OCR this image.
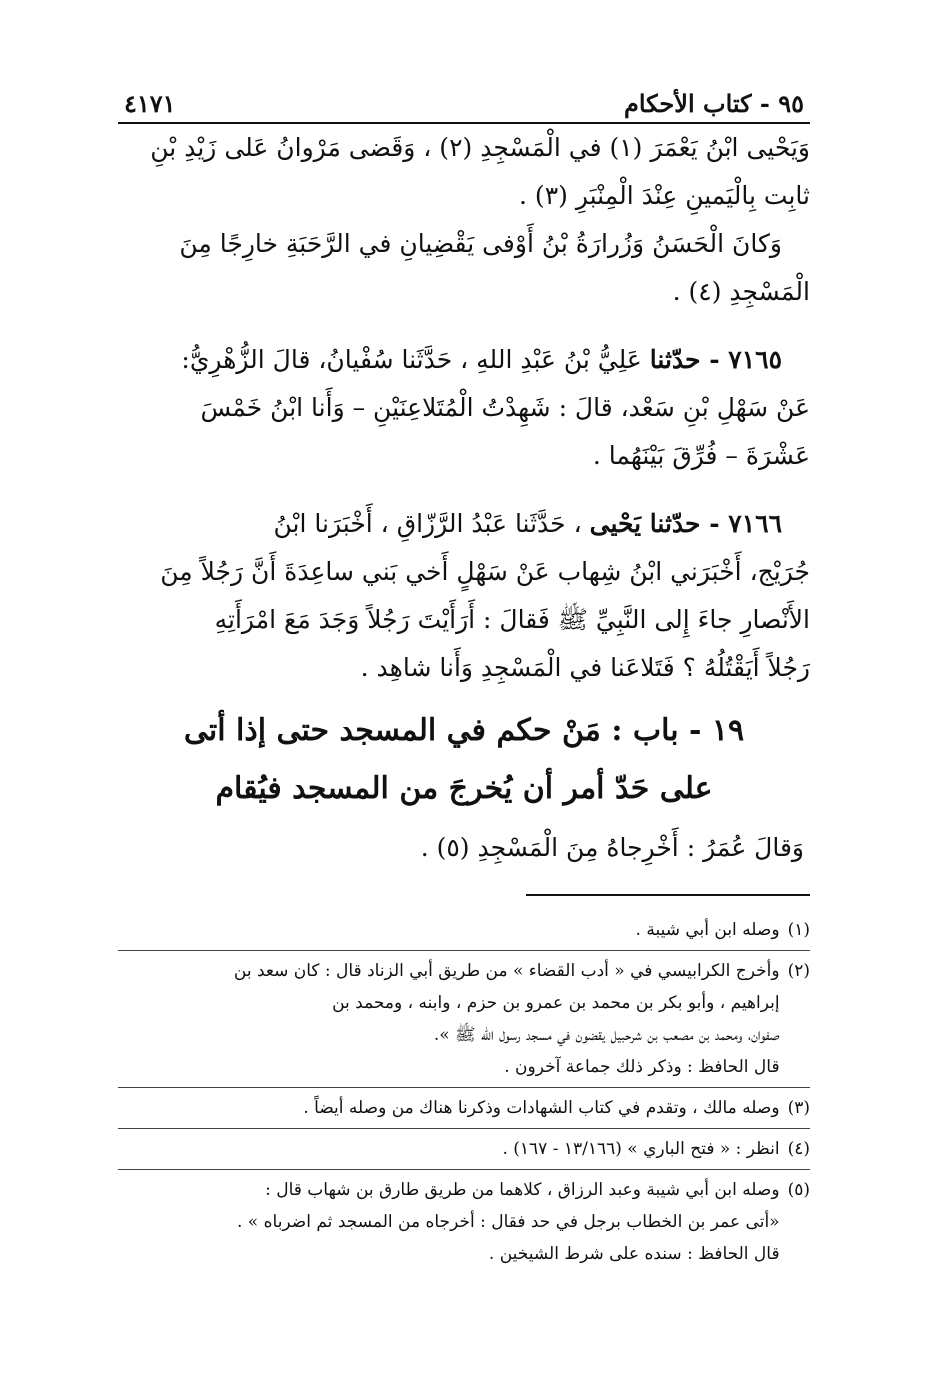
٩٥ - كتاب الأحكام
٤١٧١

وَيَحْيى ابْنُ يَعْمَرَ (١) في الْمَسْجِدِ (٢) ، وَقَضى مَرْوانُ عَلى زَيْدِ بْنِ
ثابِت بِالْيَمينِ عِنْدَ الْمِنْبَرِ (٣) .

وَكانَ الْحَسَنُ وَزُرارَةُ بْنُ أَوْفى يَقْضِيانِ في الرَّحَبَةِ خارِجًا مِنَ
الْمَسْجِدِ (٤) .

٧١٦٥ - حدّثنا عَلِيُّ بْنُ عَبْدِ اللهِ ، حَدَّثَنا سُفْيانُ، قالَ الزُّهْرِيُّ:
عَنْ سَهْلِ بْنِ سَعْد، قالَ : شَهِدْتُ الْمُتَلاعِنَيْنِ – وَأَنا ابْنُ خَمْسَ
عَشْرَةَ – فُرِّقَ بَيْنَهُما .

٧١٦٦ - حدّثنا يَحْيى ، حَدَّثَنا عَبْدُ الرَّزّاقِ ، أَخْبَرَنا ابْنُ
جُرَيْج، أَخْبَرَني ابْنُ شِهاب عَنْ سَهْلٍ أَخي بَني ساعِدَةَ أَنَّ رَجُلاً مِنَ
الأَنْصارِ جاءَ إِلى النَّبِيِّ ﷺ فَقالَ : أَرَأَيْتَ رَجُلاً وَجَدَ مَعَ امْرَأَتِهِ
رَجُلاً أَيَقْتُلُهُ ؟ فَتَلاعَنا في الْمَسْجِدِ وَأَنا شاهِد .

١٩ - باب : مَنْ حكم في المسجد حتى إذا أتى
على حَدّ أمر أن يُخرجَ من المسجد فيُقام
وَقالَ عُمَرُ : أَخْرِجاهُ مِنَ الْمَسْجِدِ (٥) .
(١)
وصله ابن أبي شيبة .
(٢)
وأخرج الكرابيسي في « أدب القضاء » من طريق أبي الزناد قال : كان سعد بن
إبراهيم ، وأبو بكر بن محمد بن عمرو بن حزم ، وابنه ، ومحمد بن
صفوان، ومحمد بن مصعب بن شرحبيل يقضون في مسجد رسول الله ﷺ ».
قال الحافظ : وذكر ذلك جماعة آخرون .
(٣)
وصله مالك ، وتقدم في كتاب الشهادات وذكرنا هناك من وصله أيضاً .
(٤)
انظر : « فتح الباري » (١٣/١٦٦ - ١٦٧) .
(٥)
وصله ابن أبي شيبة وعبد الرزاق ، كلاهما من طريق طارق بن شهاب قال :
«أتى عمر بن الخطاب برجل في حد فقال : أخرجاه من المسجد ثم اضرباه » .
قال الحافظ : سنده على شرط الشيخين .
